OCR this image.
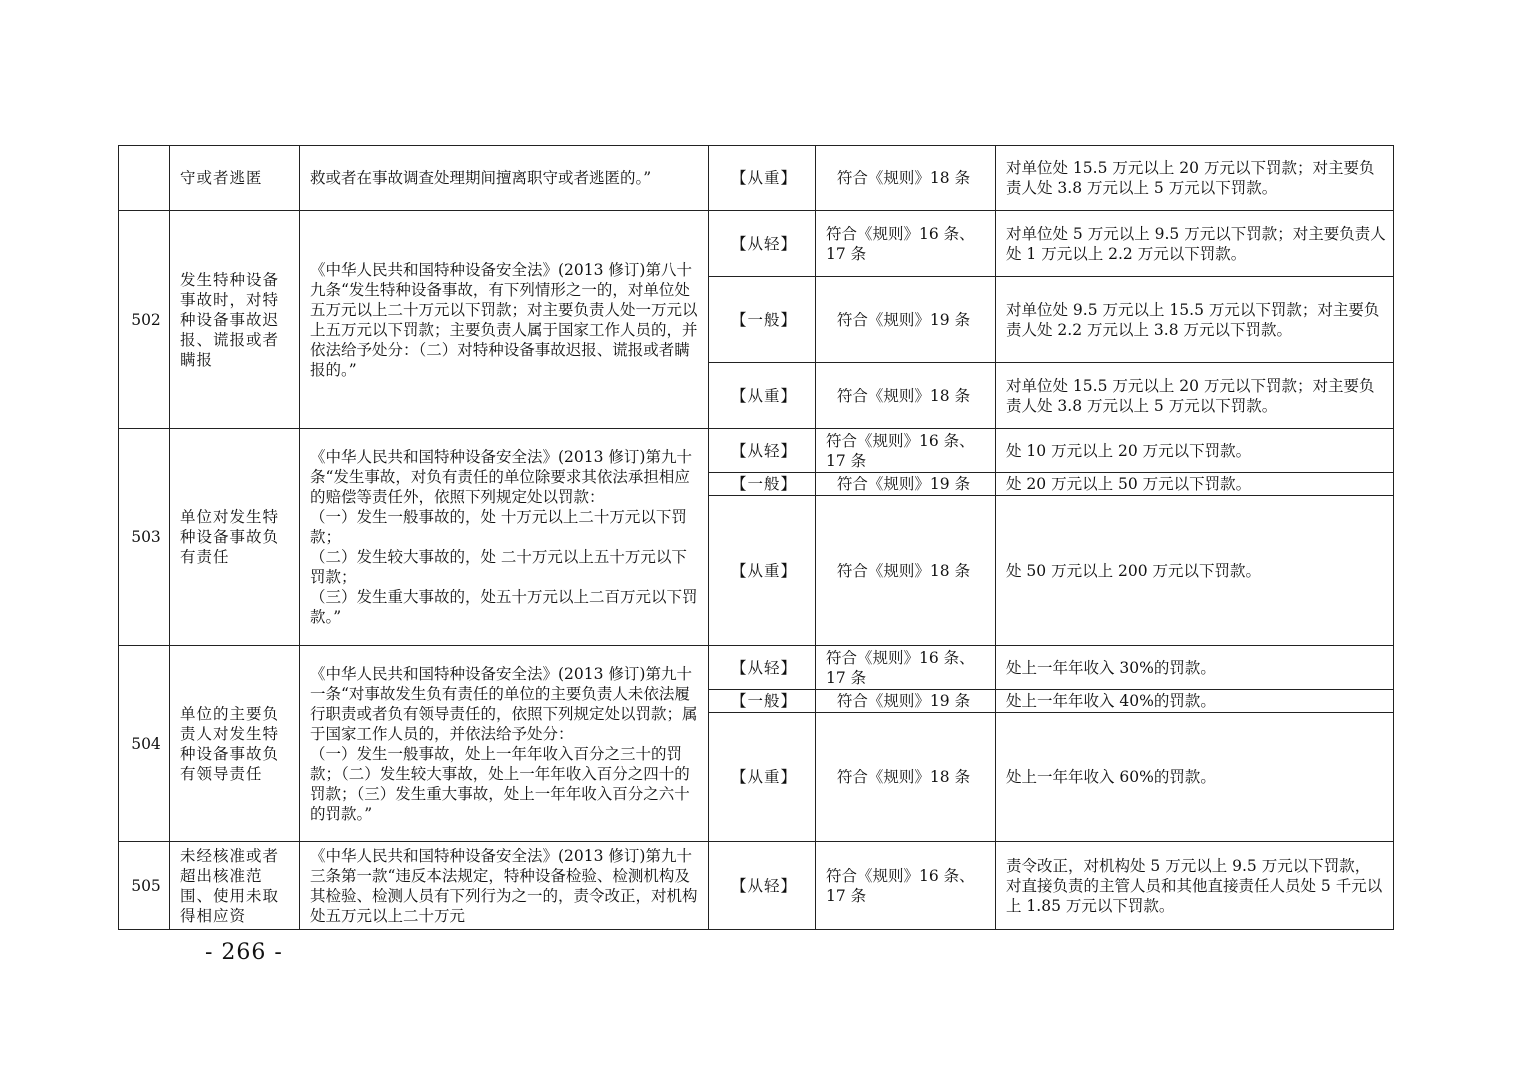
	守或者逃匿	救或者在事故调查处理期间擅离职守或者逃匿的。”	【从重】	符合《规则》18 条	对单位处 15.5 万元以上 20 万元以下罚款；对主要负责人处 3.8 万元以上 5 万元以下罚款。
502	发生特种设备事故时，对特种设备事故迟报、谎报或者瞒报	《中华人民共和国特种设备安全法》(2013 修订)第八十九条“发生特种设备事故，有下列情形之一的，对单位处五万元以上二十万元以下罚款；对主要负责人处一万元以上五万元以下罚款；主要负责人属于国家工作人员的，并依法给予处分：（二）对特种设备事故迟报、谎报或者瞒报的。”	【从轻】	符合《规则》16 条、17 条	对单位处 5 万元以上 9.5 万元以下罚款；对主要负责人处 1 万元以上 2.2 万元以下罚款。
			【一般】	符合《规则》19 条	对单位处 9.5 万元以上 15.5 万元以下罚款；对主要负责人处 2.2 万元以上 3.8 万元以下罚款。
			【从重】	符合《规则》18 条	对单位处 15.5 万元以上 20 万元以下罚款；对主要负责人处 3.8 万元以上 5 万元以下罚款。
503	单位对发生特种设备事故负有责任	《中华人民共和国特种设备安全法》(2013 修订)第九十条“发生事故，对负有责任的单位除要求其依法承担相应的赔偿等责任外，依照下列规定处以罚款：
（一）发生一般事故的，处 十万元以上二十万元以下罚款；
（二）发生较大事故的，处 二十万元以上五十万元以下罚款；
（三）发生重大事故的，处五十万元以上二百万元以下罚款。”	【从轻】	符合《规则》16 条、17 条	处 10 万元以上 20 万元以下罚款。
			【一般】	符合《规则》19 条	处 20 万元以上 50 万元以下罚款。
			【从重】	符合《规则》18 条	处 50 万元以上 200 万元以下罚款。
504	单位的主要负责人对发生特种设备事故负有领导责任	《中华人民共和国特种设备安全法》(2013 修订)第九十一条“对事故发生负有责任的单位的主要负责人未依法履行职责或者负有领导责任的，依照下列规定处以罚款；属于国家工作人员的，并依法给予处分：
（一）发生一般事故，处上一年年收入百分之三十的罚款；（二）发生较大事故，处上一年年收入百分之四十的罚款；（三）发生重大事故，处上一年年收入百分之六十的罚款。”	【从轻】	符合《规则》16 条、17 条	处上一年年收入 30%的罚款。
			【一般】	符合《规则》19 条	处上一年年收入 40%的罚款。
			【从重】	符合《规则》18 条	处上一年年收入 60%的罚款。
505	未经核准或者超出核准范围、使用未取得相应资	《中华人民共和国特种设备安全法》(2013 修订)第九十三条第一款“违反本法规定，特种设备检验、检测机构及其检验、检测人员有下列行为之一的，责令改正，对机构处五万元以上二十万元	【从轻】	符合《规则》16 条、17 条	责令改正，对机构处 5 万元以上 9.5 万元以下罚款，
对直接负责的主管人员和其他直接责任人员处 5 千元以上 1.85 万元以下罚款。
- 266 -
